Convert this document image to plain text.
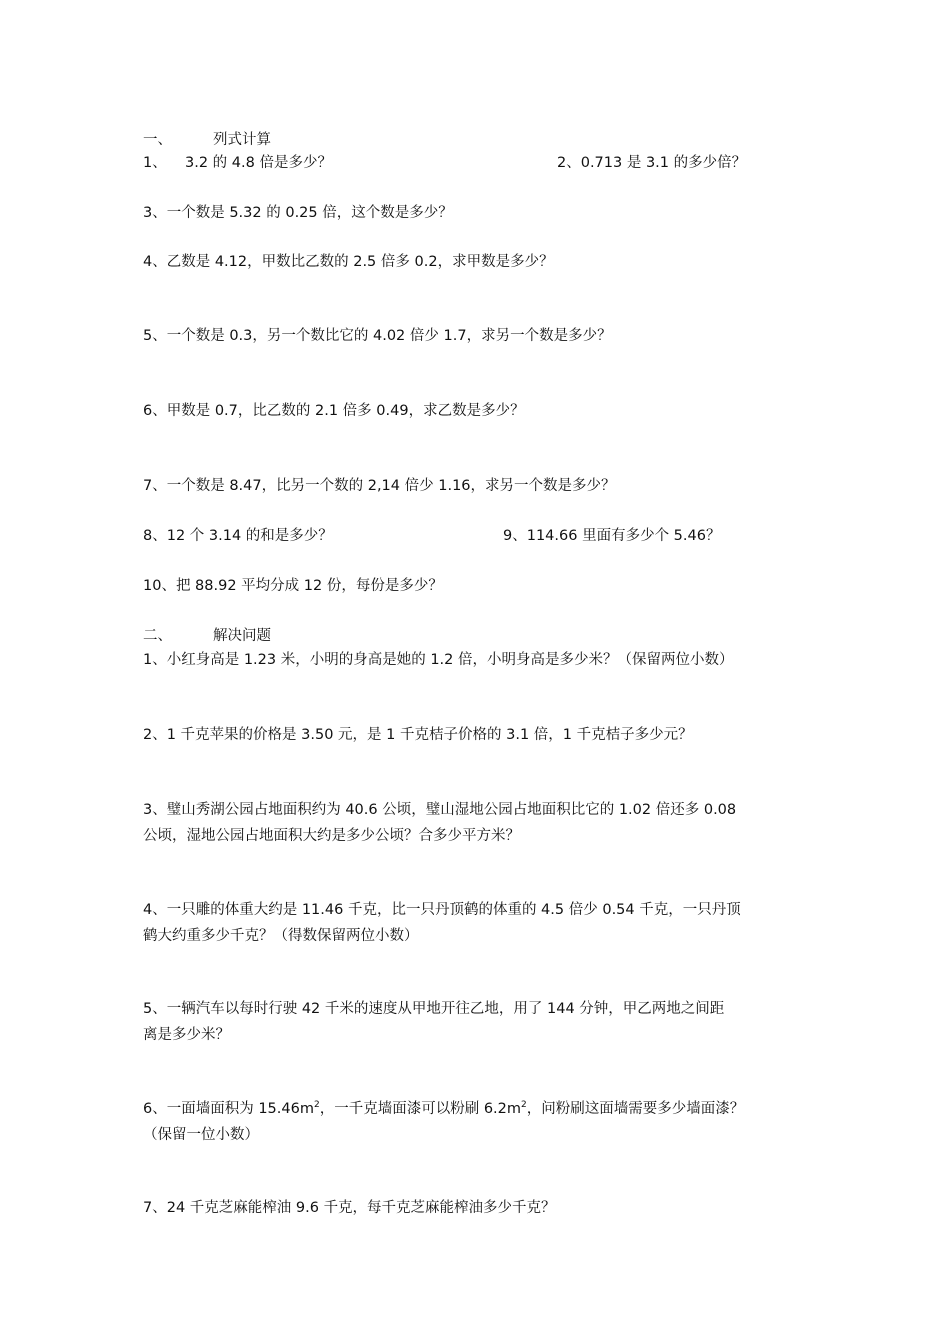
一、	列式计算
1、 3.2 的 4.8 倍是多少？	2、0.713 是 3.1 的多少倍？
3、一个数是 5.32 的 0.25 倍，这个数是多少？
4、乙数是 4.12，甲数比乙数的 2.5 倍多 0.2，求甲数是多少？
5、一个数是 0.3，另一个数比它的 4.02 倍少 1.7，求另一个数是多少？
6、甲数是 0.7，比乙数的 2.1 倍多 0.49，求乙数是多少？
7、一个数是 8.47，比另一个数的 2,14 倍少 1.16，求另一个数是多少？
8、12 个 3.14 的和是多少？	9、114.66 里面有多少个 5.46？
10、把 88.92 平均分成 12 份，每份是多少？
二、	解决问题
1、小红身高是 1.23 米，小明的身高是她的 1.2 倍，小明身高是多少米？（保留两位小数）
2、1 千克苹果的价格是 3.50 元，是 1 千克桔子价格的 3.1 倍，1 千克桔子多少元？
3、璧山秀湖公园占地面积约为 40.6 公顷，璧山湿地公园占地面积比它的 1.02 倍还多 0.08
公顷，湿地公园占地面积大约是多少公顷？合多少平方米？
4、一只雕的体重大约是 11.46 千克，比一只丹顶鹤的体重的 4.5 倍少 0.54 千克，一只丹顶
鹤大约重多少千克？（得数保留两位小数）
5、一辆汽车以每时行驶 42 千米的速度从甲地开往乙地，用了 144 分钟，甲乙两地之间距
离是多少米？
6、一面墙面积为 $15.46m^2$，一千克墙面漆可以粉刷 $6.2m^2$，问粉刷这面墙需要多少墙面漆？
（保留一位小数）
7、24 千克芝麻能榨油 9.6 千克，每千克芝麻能榨油多少千克？
